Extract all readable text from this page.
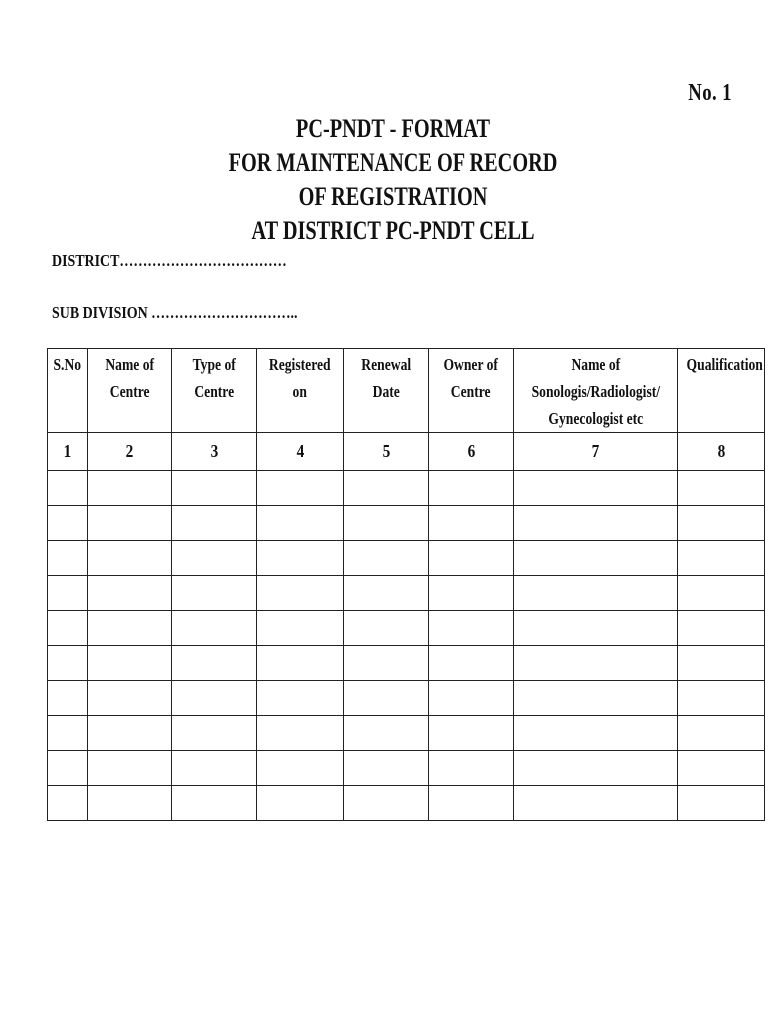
No. 1
PC-PNDT - FORMAT
FOR MAINTENANCE OF RECORD
OF REGISTRATION
AT DISTRICT PC-PNDT CELL
DISTRICT………………………………
SUB DIVISION …………………………..
S.No	Name of Centre	Type of Centre	Registered on	Renewal Date	Owner of Centre	Name of Sonologis/Radiologist/ Gynecologist etc	Qualification

1	2	3	4	5	6	7	8
